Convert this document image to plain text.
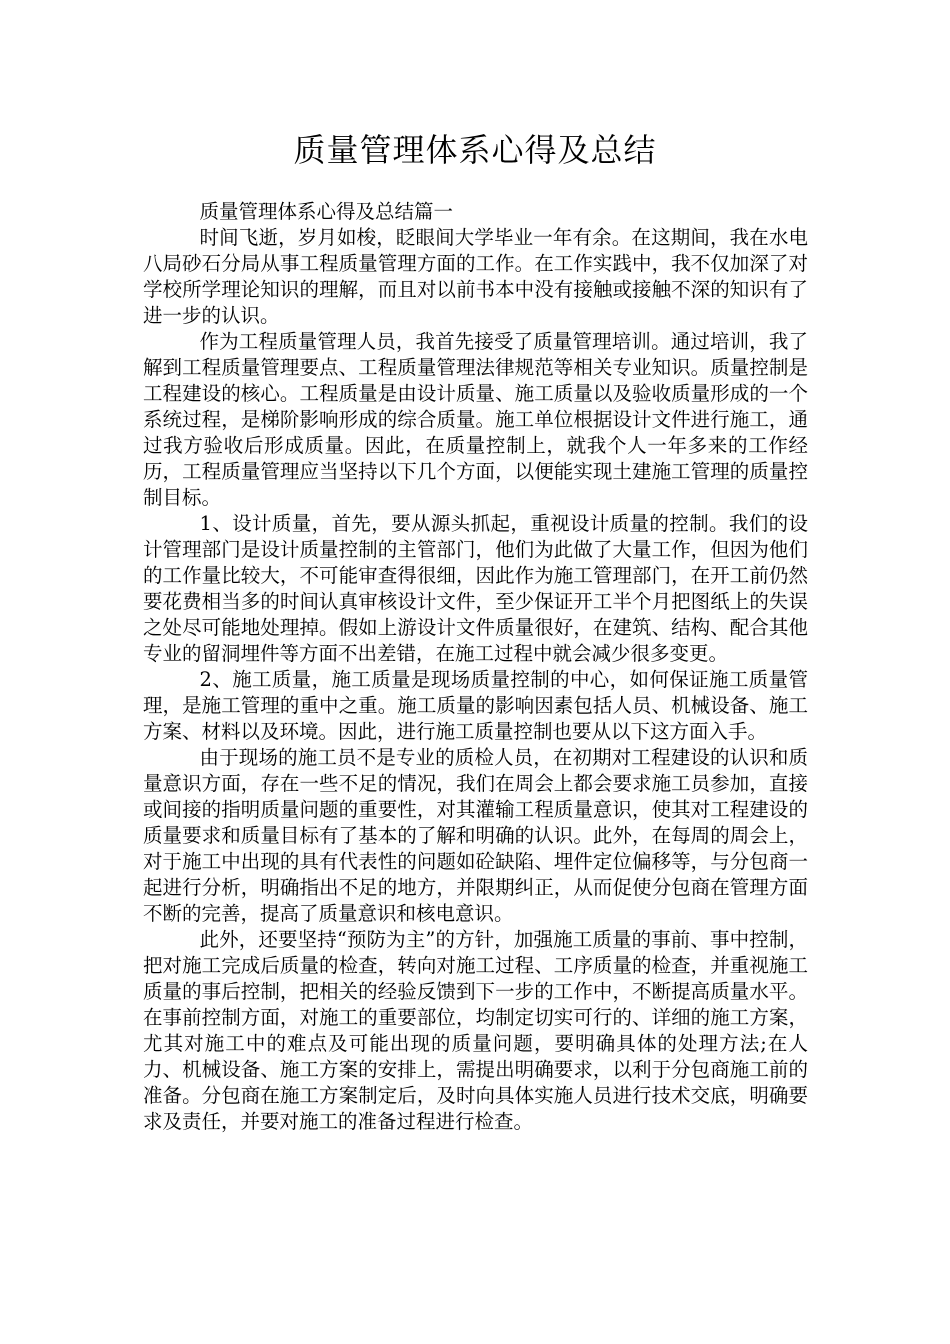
质量管理体系心得及总结

质量管理体系心得及总结篇一

时间飞逝，岁月如梭，眨眼间大学毕业一年有余。在这期间，我在水电八局砂石分局从事工程质量管理方面的工作。在工作实践中，我不仅加深了对学校所学理论知识的理解，而且对以前书本中没有接触或接触不深的知识有了进一步的认识。

作为工程质量管理人员，我首先接受了质量管理培训。通过培训，我了解到工程质量管理要点、工程质量管理法律规范等相关专业知识。质量控制是工程建设的核心。工程质量是由设计质量、施工质量以及验收质量形成的一个系统过程，是梯阶影响形成的综合质量。施工单位根据设计文件进行施工，通过我方验收后形成质量。因此，在质量控制上，就我个人一年多来的工作经历，工程质量管理应当坚持以下几个方面，以便能实现土建施工管理的质量控制目标。

1、设计质量，首先，要从源头抓起，重视设计质量的控制。我们的设计管理部门是设计质量控制的主管部门，他们为此做了大量工作，但因为他们的工作量比较大，不可能审查得很细，因此作为施工管理部门，在开工前仍然要花费相当多的时间认真审核设计文件，至少保证开工半个月把图纸上的失误之处尽可能地处理掉。假如上游设计文件质量很好，在建筑、结构、配合其他专业的留洞埋件等方面不出差错，在施工过程中就会减少很多变更。

2、施工质量，施工质量是现场质量控制的中心，如何保证施工质量管理，是施工管理的重中之重。施工质量的影响因素包括人员、机械设备、施工方案、材料以及环境。因此，进行施工质量控制也要从以下这方面入手。

由于现场的施工员不是专业的质检人员，在初期对工程建设的认识和质量意识方面，存在一些不足的情况，我们在周会上都会要求施工员参加，直接或间接的指明质量问题的重要性，对其灌输工程质量意识，使其对工程建设的质量要求和质量目标有了基本的了解和明确的认识。此外，在每周的周会上，对于施工中出现的具有代表性的问题如砼缺陷、埋件定位偏移等，与分包商一起进行分析，明确指出不足的地方，并限期纠正，从而促使分包商在管理方面不断的完善，提高了质量意识和核电意识。

此外，还要坚持“预防为主”的方针，加强施工质量的事前、事中控制，把对施工完成后质量的检查，转向对施工过程、工序质量的检查，并重视施工质量的事后控制，把相关的经验反馈到下一步的工作中，不断提高质量水平。在事前控制方面，对施工的重要部位，均制定切实可行的、详细的施工方案，尤其对施工中的难点及可能出现的质量问题，要明确具体的处理方法;在人力、机械设备、施工方案的安排上，需提出明确要求，以利于分包商施工前的准备。分包商在施工方案制定后，及时向具体实施人员进行技术交底，明确要求及责任，并要对施工的准备过程进行检查。
